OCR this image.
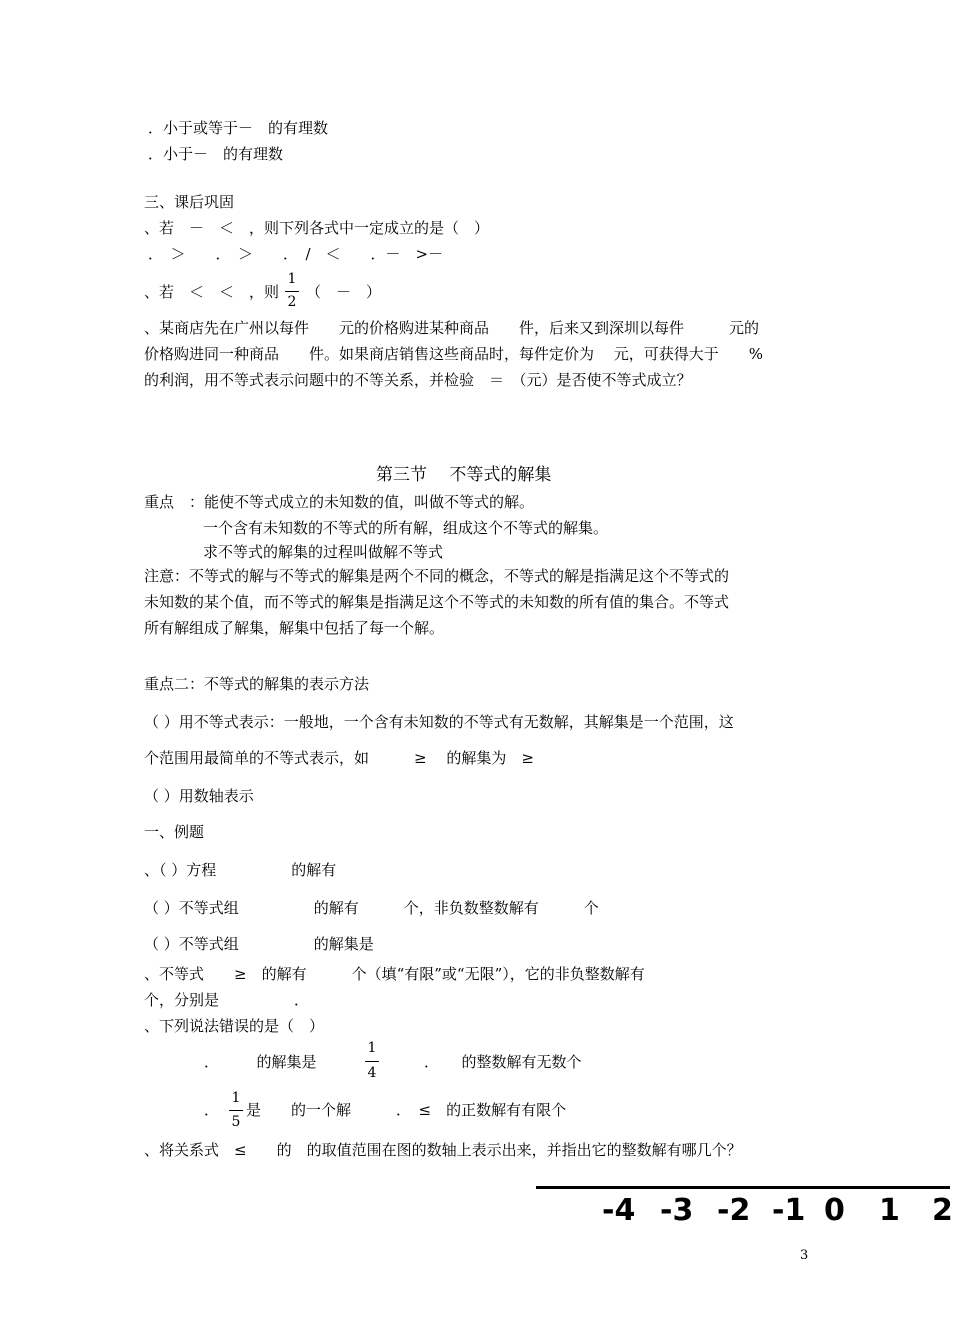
．小于或等于－　的有理数
．小于－　的有理数
三、课后巩固
、若　－　＜　，则下列各式中一定成立的是（　）
．　＞　　．　＞　　．　/　＜　　．－　>－
、若　＜　＜　，则
1
2
（　－　）
、某商店先在广州以每件　　元的价格购进某种商品　　件，后来又到深圳以每件　　　元的
价格购进同一种商品　　件。如果商店销售这些商品时，每件定价为　 元，可获得大于　　%
的利润，用不等式表示问题中的不等关系，并检验　＝　（元）是否使不等式成立？
第三节　 不等式的解集
重点　：能使不等式成立的未知数的值，叫做不等式的解。
一个含有未知数的不等式的所有解，组成这个不等式的解集。
求不等式的解集的过程叫做解不等式
注意：不等式的解与不等式的解集是两个不同的概念，不等式的解是指满足这个不等式的
未知数的某个值，而不等式的解集是指满足这个不等式的未知数的所有值的集合。不等式
所有解组成了解集，解集中包括了每一个解。
重点二：不等式的解集的表示方法
（ ）用不等式表示：一般地，一个含有未知数的不等式有无数解，其解集是一个范围，这
个范围用最简单的不等式表示，如　　　≥　 的解集为　≥
（ ）用数轴表示
一、例题
、（ ）方程　　　　　的解有
（ ）不等式组　　　　　的解有　　　个，非负数整数解有　　　个
（ ）不等式组　　　　　的解集是
、不等式　　≥　的解有　　　个（填“有限”或“无限”），它的非负整数解有
个，分别是　　　　　．
、下列说法错误的是（　）
．　　　的解集是
1
4
．　　的整数解有无数个
．
1
5
是　　的一个解　　　．　≤　的正数解有有限个
、将关系式　≤　　的　的取值范围在图的数轴上表示出来，并指出它的整数解有哪几个？
-4 -3 -2 -1 0 1 2
3
